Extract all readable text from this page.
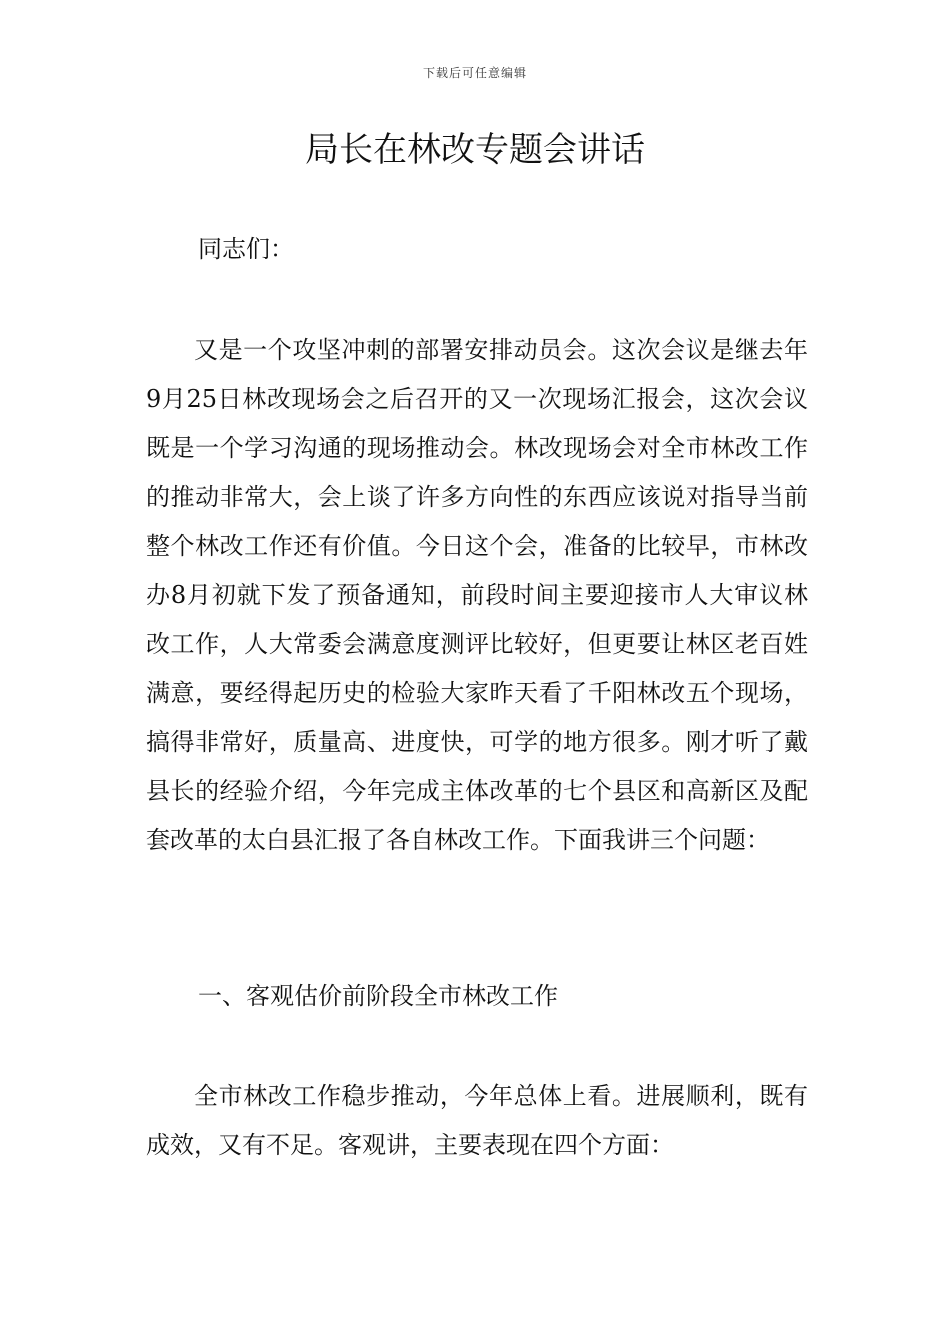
下载后可任意编辑
局长在林改专题会讲话
同志们：

又是一个攻坚冲刺的部署安排动员会。这次会议是继去年9月25日林改现场会之后召开的又一次现场汇报会，这次会议既是一个学习沟通的现场推动会。林改现场会对全市林改工作的推动非常大，会上谈了许多方向性的东西应该说对指导当前整个林改工作还有价值。今日这个会，准备的比较早，市林改办8月初就下发了预备通知，前段时间主要迎接市人大审议林改工作，人大常委会满意度测评比较好，但更要让林区老百姓满意，要经得起历史的检验大家昨天看了千阳林改五个现场，搞得非常好，质量高、进度快，可学的地方很多。刚才听了戴县长的经验介绍，今年完成主体改革的七个县区和高新区及配套改革的太白县汇报了各自林改工作。下面我讲三个问题：

一、客观估价前阶段全市林改工作

全市林改工作稳步推动，今年总体上看。进展顺利，既有成效，又有不足。客观讲，主要表现在四个方面：
